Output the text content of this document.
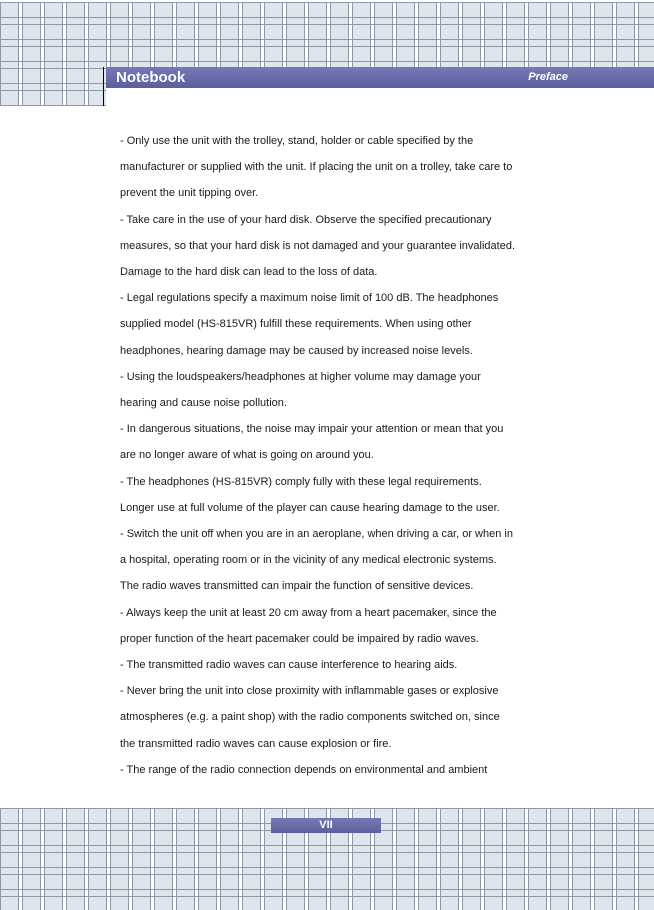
Notebook	Preface
- Only use the unit with the trolley, stand, holder or cable specified by the
manufacturer or supplied with the unit. If placing the unit on a trolley, take care to
prevent the unit tipping over.
- Take care in the use of your hard disk. Observe the specified precautionary
measures, so that your hard disk is not damaged and your guarantee invalidated.
Damage to the hard disk can lead to the loss of data.
- Legal regulations specify a maximum noise limit of 100 dB. The headphones
supplied model (HS-815VR) fulfill these requirements. When using other
headphones, hearing damage may be caused by increased noise levels.
- Using the loudspeakers/headphones at higher volume may damage your
hearing and cause noise pollution.
- In dangerous situations, the noise may impair your attention or mean that you
are no longer aware of what is going on around you.
- The headphones (HS-815VR) comply fully with these legal requirements.
Longer use at full volume of the player can cause hearing damage to the user.
- Switch the unit off when you are in an aeroplane, when driving a car, or when in
a hospital, operating room or in the vicinity of any medical electronic systems.
The radio waves transmitted can impair the function of sensitive devices.
- Always keep the unit at least 20 cm away from a heart pacemaker, since the
proper function of the heart pacemaker could be impaired by radio waves.
- The transmitted radio waves can cause interference to hearing aids.
- Never bring the unit into close proximity with inflammable gases or explosive
atmospheres (e.g. a paint shop) with the radio components switched on, since
the transmitted radio waves can cause explosion or fire.
- The range of the radio connection depends on environmental and ambient
VII
